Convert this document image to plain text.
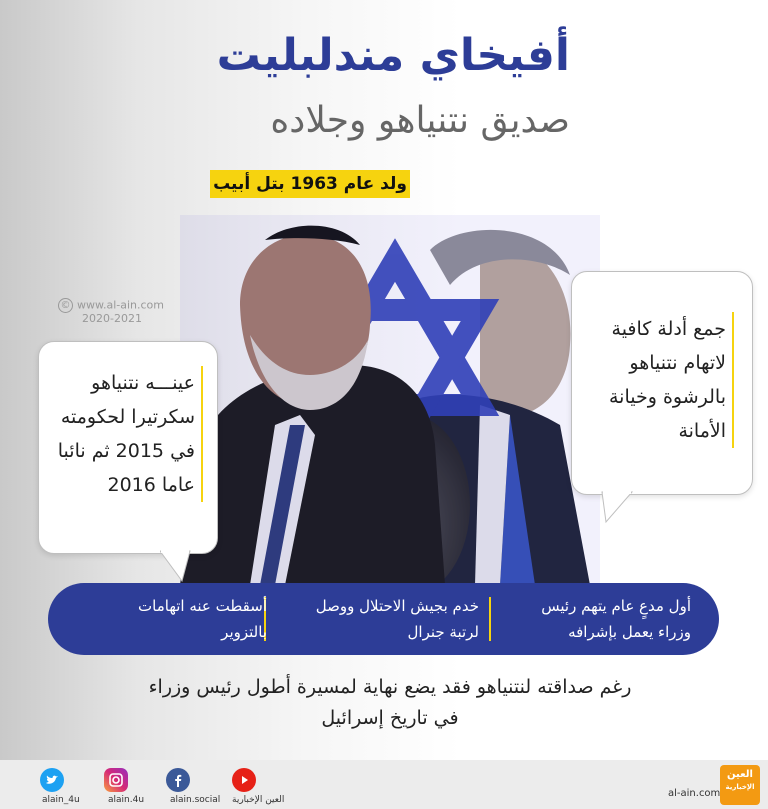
أفيخاي مندلبليت
صديق نتنياهو وجلاده
ولد عام 1963 بتل أبيب
© www.al-ain.com
2020-2021
عينـــه نتنياهو
سكرتيرا لحكومته
في 2015 ثم نائبا
عاما 2016
جمع أدلة كافية
لاتهام نتنياهو
بالرشوة وخيانة
الأمانة
أول مدعٍ عام يتهم رئيس
وزراء يعمل بإشرافه
خدم بجيش الاحتلال ووصل
لرتبة جنرال
أسقطت عنه اتهامات
بالتزوير
رغم صداقته لنتنياهو فقد يضع نهاية لمسيرة أطول رئيس وزراء
في تاريخ إسرائيل
alain_4u	alain.4u	alain.social العين الإخبارية
al-ain.com
العين
الإخبارية
